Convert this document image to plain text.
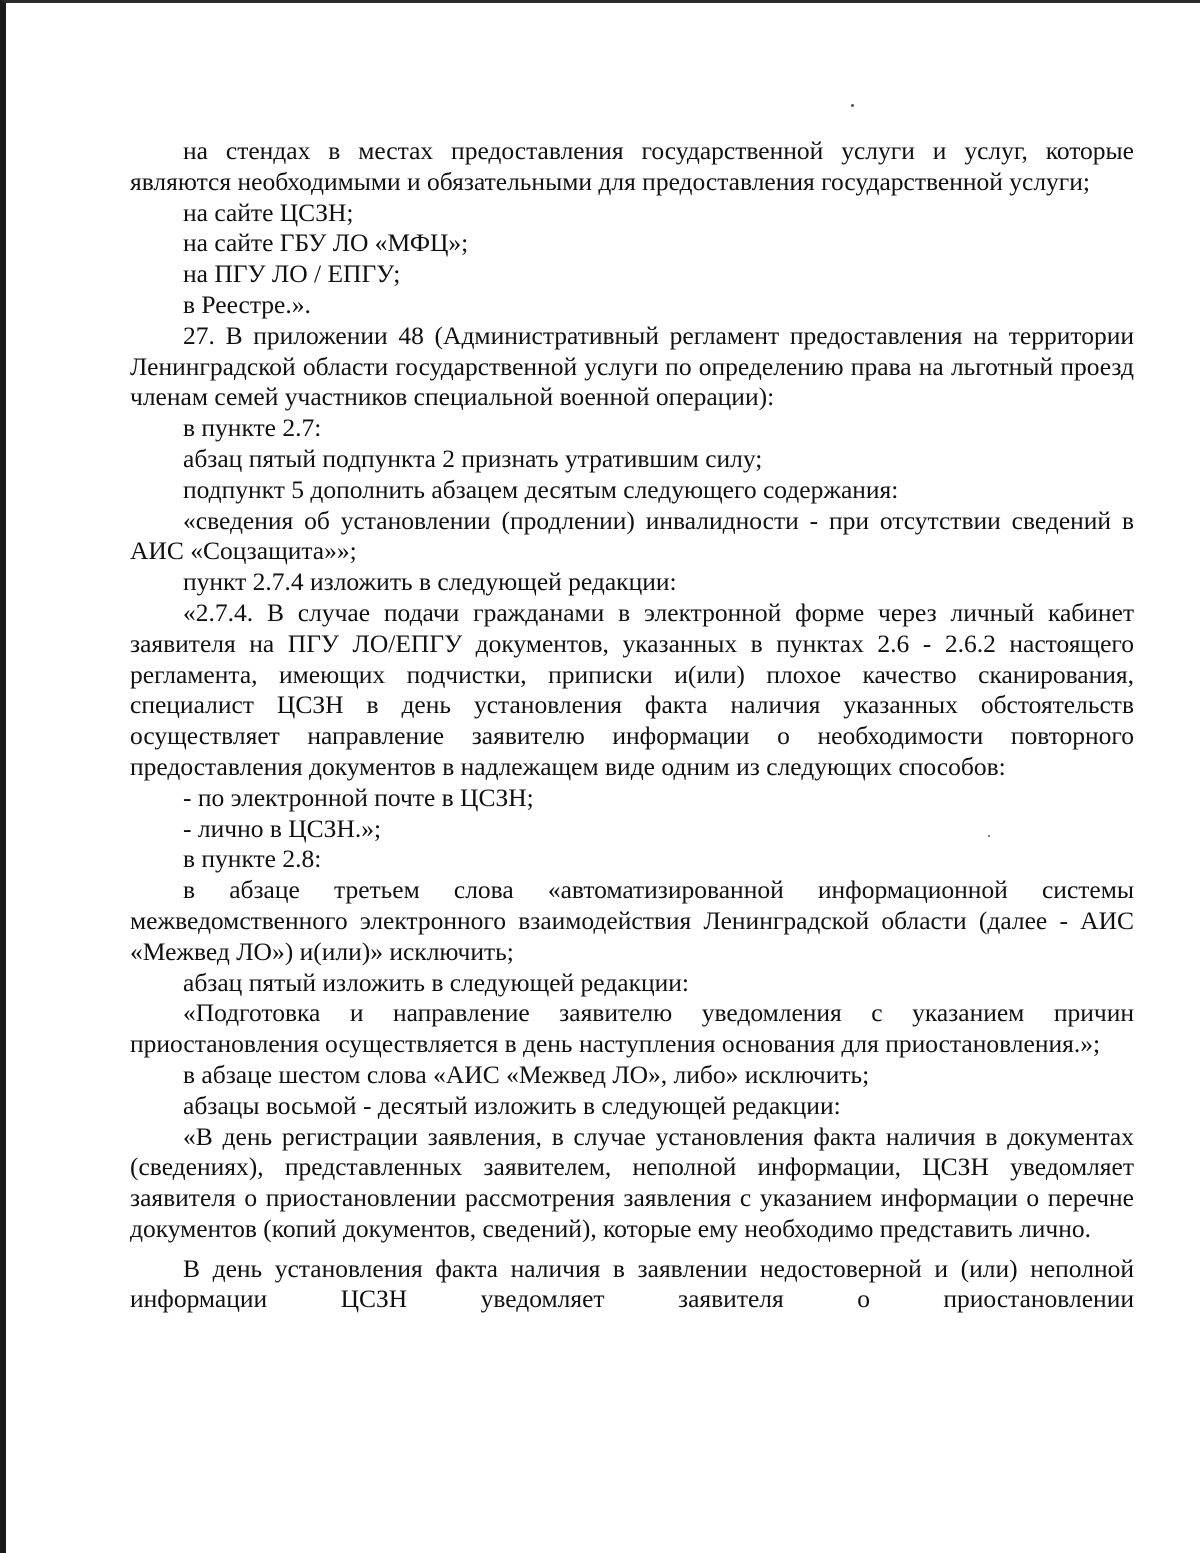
на стендах в местах предоставления государственной услуги и услуг, которые являются необходимыми и обязательными для предоставления государственной услуги;

на сайте ЦСЗН;

на сайте ГБУ ЛО «МФЦ»;

на ПГУ ЛО / ЕПГУ;

в Реестре.».

27. В приложении 48 (Административный регламент предоставления на территории Ленинградской области государственной услуги по определению права на льготный проезд членам семей участников специальной военной операции):

в пункте 2.7:

абзац пятый подпункта 2 признать утратившим силу;

подпункт 5 дополнить абзацем десятым следующего содержания:

«сведения об установлении (продлении) инвалидности - при отсутствии сведений в АИС «Соцзащита»»;

пункт 2.7.4 изложить в следующей редакции:

«2.7.4. В случае подачи гражданами в электронной форме через личный кабинет заявителя на ПГУ ЛО/ЕПГУ документов, указанных в пунктах 2.6 - 2.6.2 настоящего регламента, имеющих подчистки, приписки и(или) плохое качество сканирования, специалист ЦСЗН в день установления факта наличия указанных обстоятельств осуществляет направление заявителю информации о необходимости повторного предоставления документов в надлежащем виде одним из следующих способов:

- по электронной почте в ЦСЗН;

- лично в ЦСЗН.»;

в пункте 2.8:

в абзаце третьем слова «автоматизированной информационной системы межведомственного электронного взаимодействия Ленинградской области (далее - АИС «Межвед ЛО») и(или)» исключить;

абзац пятый изложить в следующей редакции:

«Подготовка и направление заявителю уведомления с указанием причин приостановления осуществляется в день наступления основания для приостановления.»;

в абзаце шестом слова «АИС «Межвед ЛО», либо» исключить;

абзацы восьмой - десятый изложить в следующей редакции:

«В день регистрации заявления, в случае установления факта наличия в документах (сведениях), представленных заявителем, неполной информации, ЦСЗН уведомляет заявителя о приостановлении рассмотрения заявления с указанием информации о перечне документов (копий документов, сведений), которые ему необходимо представить лично.

В день установления факта наличия в заявлении недостоверной и (или) неполной информации ЦСЗН уведомляет заявителя о приостановлении
